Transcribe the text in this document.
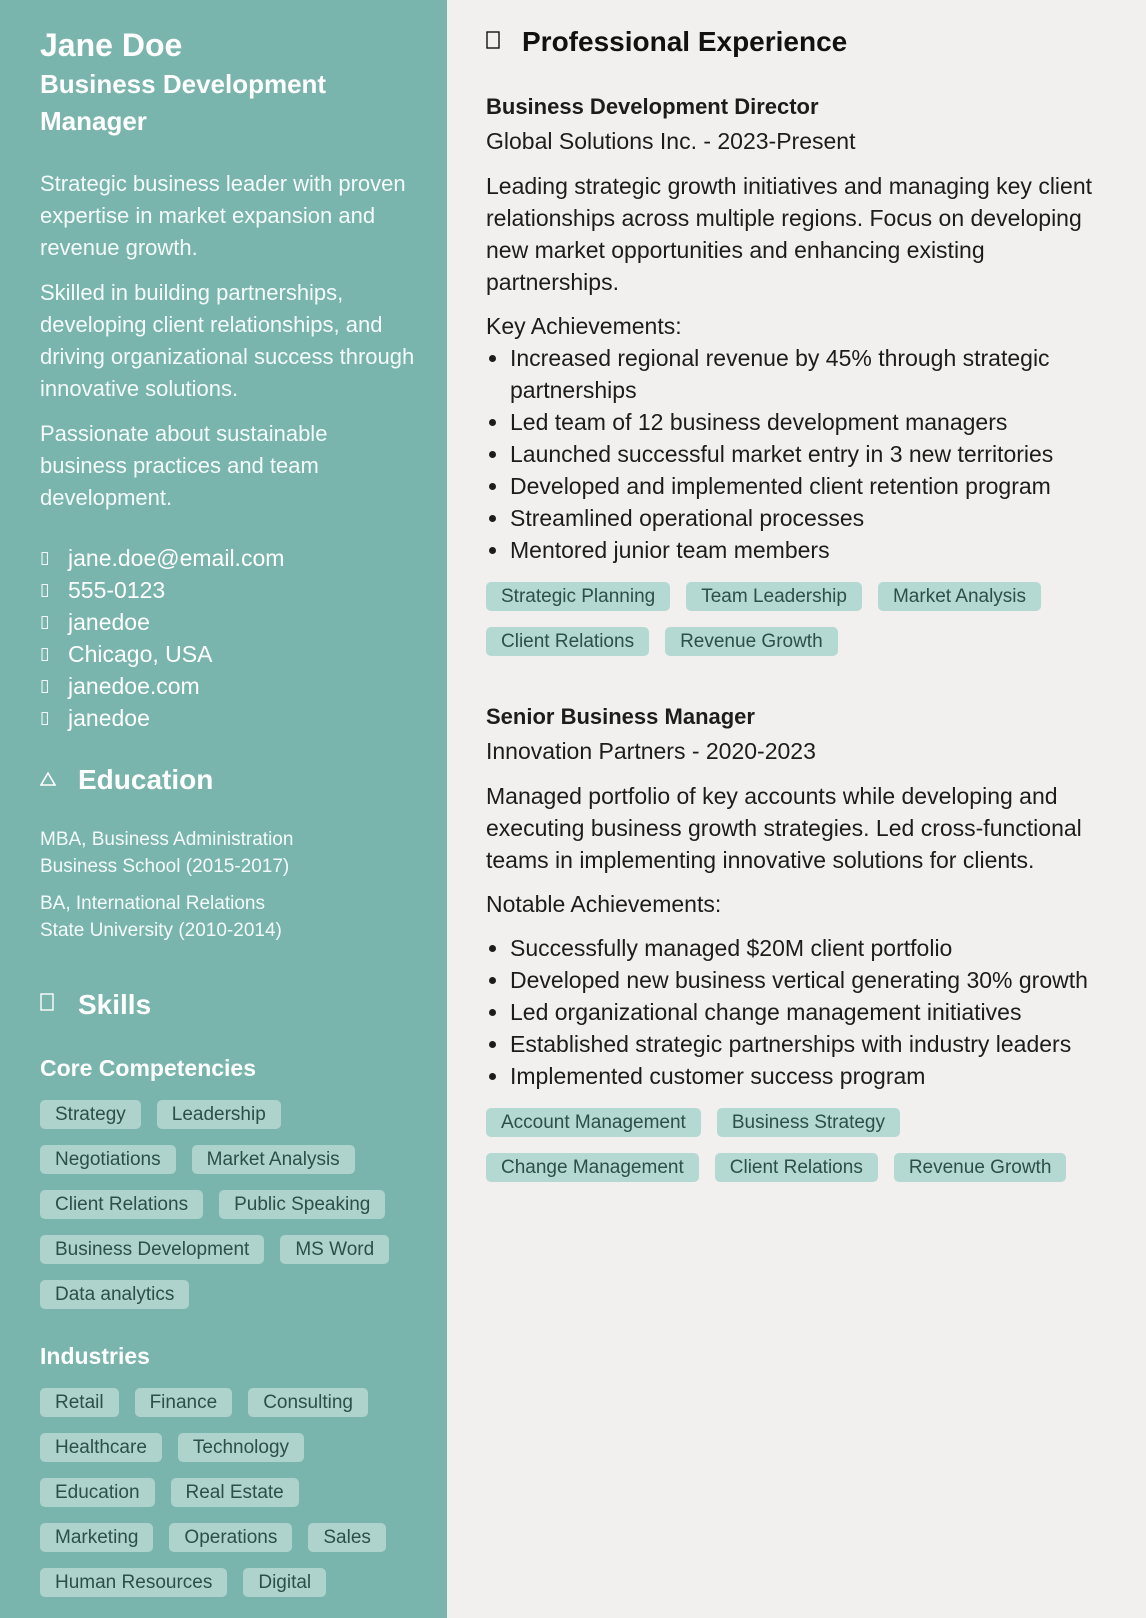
Jane Doe
Business Development Manager

Strategic business leader with proven expertise in market expansion and revenue growth.

Skilled in building partnerships, developing client relationships, and driving organizational success through innovative solutions.

Passionate about sustainable business practices and team development.

▯ jane.doe@email.com
▯ 555-0123
▯ janedoe
▯ Chicago, USA
▯ janedoe.com
▯ janedoe
Education
MBA, Business Administration
Business School (2015-2017)
BA, International Relations
State University (2010-2014)
Skills
Core Competencies
Strategy	Leadership
Negotiations	Market Analysis
Client Relations	Public Speaking
Business Development	MS Word
Data analytics
Industries
Retail	Finance	Consulting
Healthcare	Technology
Education	Real Estate
Marketing	Operations	Sales
Human Resources	Digital
Professional Experience
Business Development Director
Global Solutions Inc. - 2023-Present

Leading strategic growth initiatives and managing key client relationships across multiple regions. Focus on developing new market opportunities and enhancing existing partnerships.

Key Achievements:

• Increased regional revenue by 45% through strategic partnerships
• Led team of 12 business development managers
• Launched successful market entry in 3 new territories
• Developed and implemented client retention program
• Streamlined operational processes
• Mentored junior team members
Strategic Planning	Team Leadership	Market Analysis
Client Relations	Revenue Growth
Senior Business Manager
Innovation Partners - 2020-2023

Managed portfolio of key accounts while developing and executing business growth strategies. Led cross-functional teams in implementing innovative solutions for clients.

Notable Achievements:

• Successfully managed $20M client portfolio
• Developed new business vertical generating 30% growth
• Led organizational change management initiatives
• Established strategic partnerships with industry leaders
• Implemented customer success program
Account Management	Business Strategy
Change Management	Client Relations	Revenue Growth
